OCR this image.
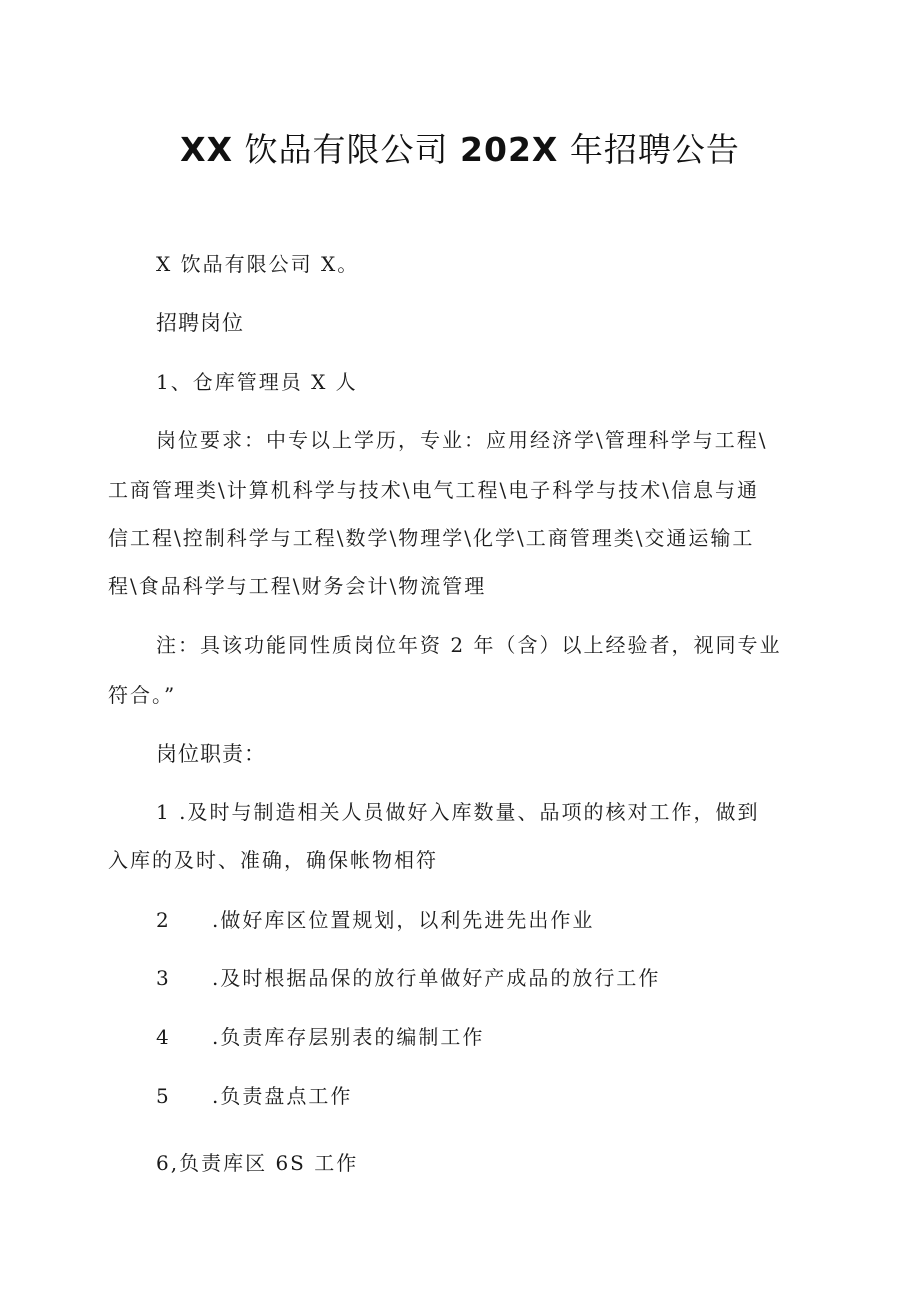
XX 饮品有限公司 202X 年招聘公告
X 饮品有限公司 X。
招聘岗位
1、仓库管理员 X 人
岗位要求：中专以上学历，专业：应用经济学\管理科学与工程\
工商管理类\计算机科学与技术\电气工程\电子科学与技术\信息与通
信工程\控制科学与工程\数学\物理学\化学\工商管理类\交通运输工
程\食品科学与工程\财务会计\物流管理
注：具该功能同性质岗位年资 2 年（含）以上经验者，视同专业
符合。”
岗位职责：
1 .及时与制造相关人员做好入库数量、品项的核对工作，做到
入库的及时、准确，确保帐物相符
2 .做好库区位置规划，以利先进先出作业
3 .及时根据品保的放行单做好产成品的放行工作
4 .负责库存层别表的编制工作
5 .负责盘点工作
6,负责库区 6S 工作
